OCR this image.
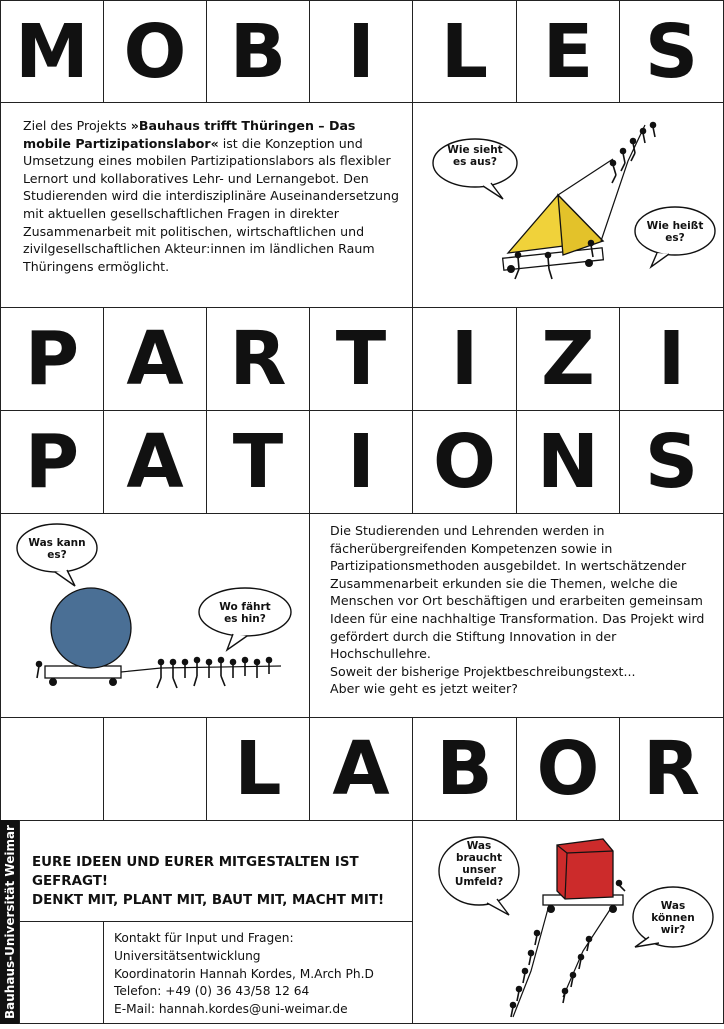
M O B I L E S
Ziel des Projekts »Bauhaus trifft Thüringen – Das mobile Partizipationslabor« ist die Konzeption und Umsetzung eines mobilen Partizipationslabors als flexibler Lernort und kollaboratives Lehr- und Lernangebot. Den Studierenden wird die interdisziplinäre Auseinandersetzung mit aktuellen gesellschaftlichen Fragen in direkter Zusammenarbeit mit politischen, wirtschaftlichen und zivilgesellschaftlichen Akteur:innen im ländlichen Raum Thüringens ermöglicht.
Wie sieht es aus?
Wie heißt es?
P A R T I Z I
P A T I O N S
Was kann es?
Wo fährt es hin?
Die Studierenden und Lehrenden werden in fächerübergreifenden Kompetenzen sowie in Partizipationsmethoden ausgebildet. In wertschätzender Zusammenarbeit erkunden sie die Themen, welche die Menschen vor Ort beschäftigen und erarbeiten gemeinsam Ideen für eine nachhaltige Transformation. Das Projekt wird gefördert durch die Stiftung Innovation in der Hochschullehre.
Soweit der bisherige Projektbeschreibungstext...
Aber wie geht es jetzt weiter?
L A B O R
Bauhaus-Universität Weimar EURE IDEEN UND EURER MITGESTALTEN IST GEFRAGT!
DENKT MIT, PLANT MIT, BAUT MIT, MACHT MIT!
Kontakt für Input und Fragen:
Universitätsentwicklung
Koordinatorin Hannah Kordes, M.Arch Ph.D
Telefon: +49 (0) 36 43/58 12 64
E-Mail: hannah.kordes@uni-weimar.de
Was braucht unser Umfeld?
Was können wir?
